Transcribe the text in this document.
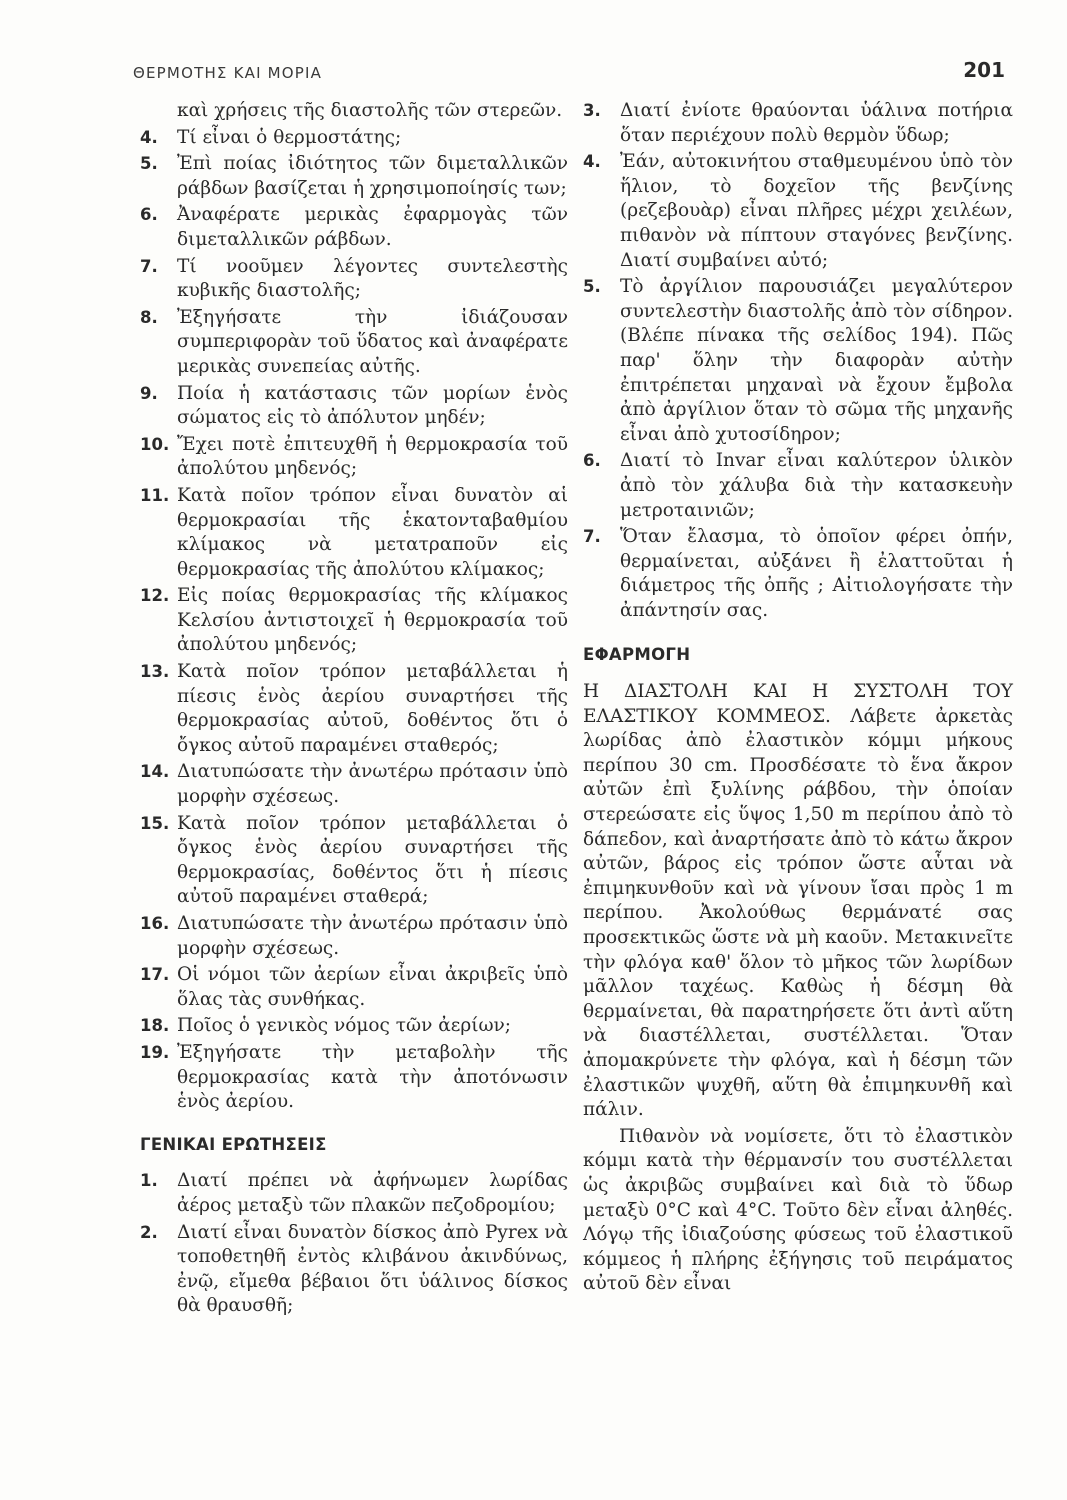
ΘΕΡΜΟΤΗΣ ΚΑΙ ΜΟΡΙΑ	201
καὶ χρήσεις τῆς διαστολῆς τῶν στερεῶν.
4. Τί εἶναι ὁ θερμοστάτης;
5. Ἐπὶ ποίας ἰδιότητος τῶν διμεταλλικῶν ράβδων βασίζεται ἡ χρησιμοποίησίς των;
6. Ἀναφέρατε μερικὰς ἐφαρμογὰς τῶν διμεταλλικῶν ράβδων.
7. Τί νοοῦμεν λέγοντες συντελεστὴς κυβικῆς διαστολῆς;
8. Ἐξηγήσατε τὴν ἰδιάζουσαν συμπεριφορὰν τοῦ ὕδατος καὶ ἀναφέρατε μερικὰς συνεπείας αὐτῆς.
9. Ποία ἡ κατάστασις τῶν μορίων ἑνὸς σώματος εἰς τὸ ἀπόλυτον μηδέν;
10. Ἔχει ποτὲ ἐπιτευχθῆ ἡ θερμοκρασία τοῦ ἀπολύτου μηδενός;
11. Κατὰ ποῖον τρόπον εἶναι δυνατὸν αἱ θερμοκρασίαι τῆς ἑκατονταβαθμίου κλίμακος νὰ μετατραποῦν εἰς θερμοκρασίας τῆς ἀπολύτου κλίμακος;
12. Εἰς ποίας θερμοκρασίας τῆς κλίμακος Κελσίου ἀντιστοιχεῖ ἡ θερμοκρασία τοῦ ἀπολύτου μηδενός;
13. Κατὰ ποῖον τρόπον μεταβάλλεται ἡ πίεσις ἑνὸς ἀερίου συναρτήσει τῆς θερμοκρασίας αὐτοῦ, δοθέντος ὅτι ὁ ὄγκος αὐτοῦ παραμένει σταθερός;
14. Διατυπώσατε τὴν ἀνωτέρω πρότασιν ὑπὸ μορφὴν σχέσεως.
15. Κατὰ ποῖον τρόπον μεταβάλλεται ὁ ὄγκος ἑνὸς ἀερίου συναρτήσει τῆς θερμοκρασίας, δοθέντος ὅτι ἡ πίεσις αὐτοῦ παραμένει σταθερά;
16. Διατυπώσατε τὴν ἀνωτέρω πρότασιν ὑπὸ μορφὴν σχέσεως.
17. Οἱ νόμοι τῶν ἀερίων εἶναι ἀκριβεῖς ὑπὸ ὅλας τὰς συνθήκας.
18. Ποῖος ὁ γενικὸς νόμος τῶν ἀερίων;
19. Ἐξηγήσατε τὴν μεταβολὴν τῆς θερμοκρασίας κατὰ τὴν ἀποτόνωσιν ἑνὸς ἀερίου.
ΓΕΝΙΚΑΙ ΕΡΩΤΗΣΕΙΣ
1. Διατί πρέπει νὰ ἀφήνωμεν λωρίδας ἀέρος μεταξὺ τῶν πλακῶν πεζοδρομίου;
2. Διατί εἶναι δυνατὸν δίσκος ἀπὸ Pyrex νὰ τοποθετηθῆ ἐντὸς κλιβάνου ἀκινδύνως, ἐνῷ, εἴμεθα βέβαιοι ὅτι ὑάλινος δίσκος θὰ θραυσθῆ;
3. Διατί ἐνίοτε θραύονται ὑάλινα ποτήρια ὅταν περιέχουν πολὺ θερμὸν ὕδωρ;
4. Ἐάν, αὐτοκινήτου σταθμευμένου ὑπὸ τὸν ἥλιον, τὸ δοχεῖον τῆς βενζίνης (ρεζεβουὰρ) εἶναι πλῆρες μέχρι χειλέων, πιθανὸν νὰ πίπτουν σταγόνες βενζίνης. Διατί συμβαίνει αὐτό;
5. Τὸ ἀργίλιον παρουσιάζει μεγαλύτερον συντελεστὴν διαστολῆς ἀπὸ τὸν σίδηρον. (Βλέπε πίνακα τῆς σελίδος 194). Πῶς παρ' ὅλην τὴν διαφορὰν αὐτὴν ἐπιτρέπεται μηχαναὶ νὰ ἔχουν ἔμβολα ἀπὸ ἀργίλιον ὅταν τὸ σῶμα τῆς μηχανῆς εἶναι ἀπὸ χυτοσίδηρον;
6. Διατί τὸ Invar εἶναι καλύτερον ὑλικὸν ἀπὸ τὸν χάλυβα διὰ τὴν κατασκευὴν μετροταινιῶν;
7. Ὅταν ἔλασμα, τὸ ὁποῖον φέρει ὀπήν, θερμαίνεται, αὐξάνει ἢ ἐλαττοῦται ἡ διάμετρος τῆς ὀπῆς ; Αἰτιολογήσατε τὴν ἀπάντησίν σας.
ΕΦΑΡΜΟΓΗ
Η ΔΙΑΣΤΟΛΗ ΚΑΙ Η ΣΥΣΤΟΛΗ ΤΟΥ ΕΛΑΣΤΙΚΟΥ ΚΟΜΜΕΟΣ. Λάβετε ἀρκετὰς λωρίδας ἀπὸ ἐλαστικὸν κόμμι μήκους περίπου 30 cm. Προσδέσατε τὸ ἕνα ἄκρον αὐτῶν ἐπὶ ξυλίνης ράβδου, τὴν ὁποίαν στερεώσατε εἰς ὕψος 1,50 m περίπου ἀπὸ τὸ δάπεδον, καὶ ἀναρτήσατε ἀπὸ τὸ κάτω ἄκρον αὐτῶν, βάρος εἰς τρόπον ὥστε αὗται νὰ ἐπιμηκυνθοῦν καὶ νὰ γίνουν ἴσαι πρὸς 1 m περίπου. Ἀκολούθως θερμάνατέ σας προσεκτικῶς ὥστε νὰ μὴ καοῦν. Μετακινεῖτε τὴν φλόγα καθ' ὅλον τὸ μῆκος τῶν λωρίδων μᾶλλον ταχέως. Καθὼς ἡ δέσμη θὰ θερμαίνεται, θὰ παρατηρήσετε ὅτι ἀντὶ αὕτη νὰ διαστέλλεται, συστέλλεται. Ὅταν ἀπομακρύνετε τὴν φλόγα, καὶ ἡ δέσμη τῶν ἐλαστικῶν ψυχθῆ, αὕτη θὰ ἐπιμηκυνθῆ καὶ πάλιν.
Πιθανὸν νὰ νομίσετε, ὅτι τὸ ἐλαστικὸν κόμμι κατὰ τὴν θέρμανσίν του συστέλλεται ὡς ἀκριβῶς συμβαίνει καὶ διὰ τὸ ὕδωρ μεταξὺ 0°C καὶ 4°C. Τοῦτο δὲν εἶναι ἀληθές. Λόγῳ τῆς ἰδιαζούσης φύσεως τοῦ ἐλαστικοῦ κόμμεος ἡ πλήρης ἐξήγησις τοῦ πειράματος αὐτοῦ δὲν εἶναι
